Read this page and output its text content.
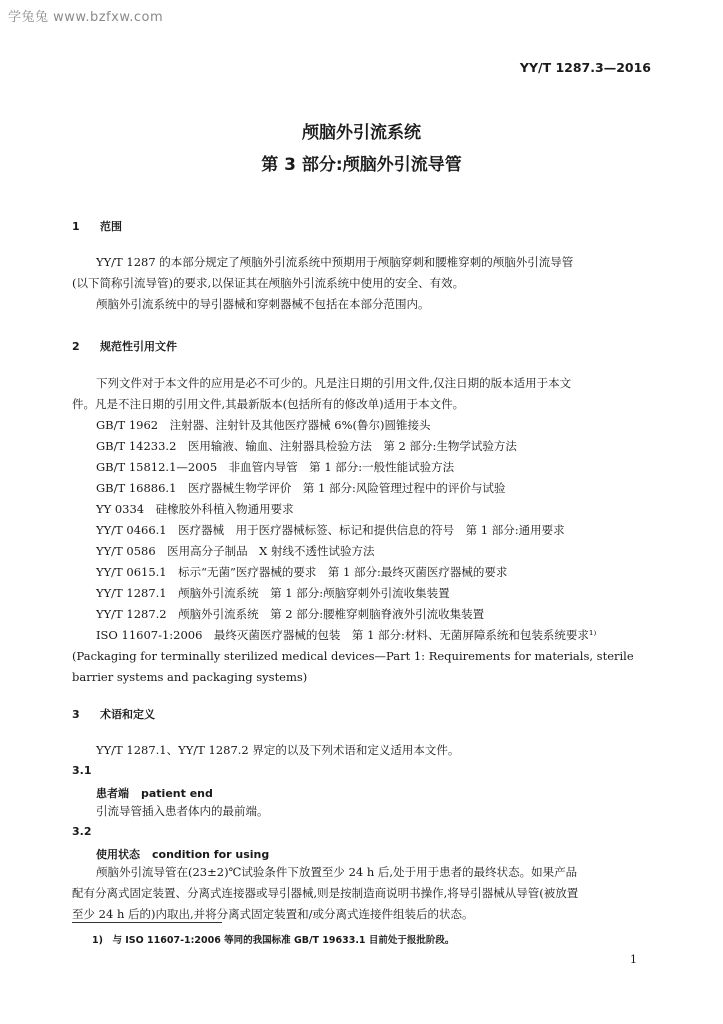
学兔兔 www.bzfxw.com
YY/T 1287.3—2016
颅脑外引流系统
第 3 部分:颅脑外引流导管
1 范围
YY/T 1287 的本部分规定了颅脑外引流系统中预期用于颅脑穿刺和腰椎穿刺的颅脑外引流导管
(以下简称引流导管)的要求,以保证其在颅脑外引流系统中使用的安全、有效。
颅脑外引流系统中的导引器械和穿刺器械不包括在本部分范围内。
2 规范性引用文件
下列文件对于本文件的应用是必不可少的。凡是注日期的引用文件,仅注日期的版本适用于本文
件。凡是不注日期的引用文件,其最新版本(包括所有的修改单)适用于本文件。
GB/T 1962　注射器、注射针及其他医疗器械 6%(鲁尔)圆锥接头
GB/T 14233.2　医用输液、输血、注射器具检验方法　第 2 部分:生物学试验方法
GB/T 15812.1—2005　非血管内导管　第 1 部分:一般性能试验方法
GB/T 16886.1　医疗器械生物学评价　第 1 部分:风险管理过程中的评价与试验
YY 0334　硅橡胶外科植入物通用要求
YY/T 0466.1　医疗器械　用于医疗器械标签、标记和提供信息的符号　第 1 部分:通用要求
YY/T 0586　医用高分子制品　X 射线不透性试验方法
YY/T 0615.1　标示“无菌”医疗器械的要求　第 1 部分:最终灭菌医疗器械的要求
YY/T 1287.1　颅脑外引流系统　第 1 部分:颅脑穿刺外引流收集装置
YY/T 1287.2　颅脑外引流系统　第 2 部分:腰椎穿刺脑脊液外引流收集装置
ISO 11607-1:2006　最终灭菌医疗器械的包装　第 1 部分:材料、无菌屏障系统和包装系统要求¹⁾
(Packaging for terminally sterilized medical devices—Part 1: Requirements for materials, sterile
barrier systems and packaging systems)
3 术语和定义
YY/T 1287.1、YY/T 1287.2 界定的以及下列术语和定义适用本文件。
3.1
患者端 patient end
引流导管插入患者体内的最前端。
3.2
使用状态 condition for using
颅脑外引流导管在(23±2)℃试验条件下放置至少 24 h 后,处于用于患者的最终状态。如果产品
配有分离式固定装置、分离式连接器或导引器械,则是按制造商说明书操作,将导引器械从导管(被放置
至少 24 h 后的)内取出,并将分离式固定装置和/或分离式连接件组装后的状态。
1)　与 ISO 11607-1:2006 等同的我国标准 GB/T 19633.1 目前处于报批阶段。
1
